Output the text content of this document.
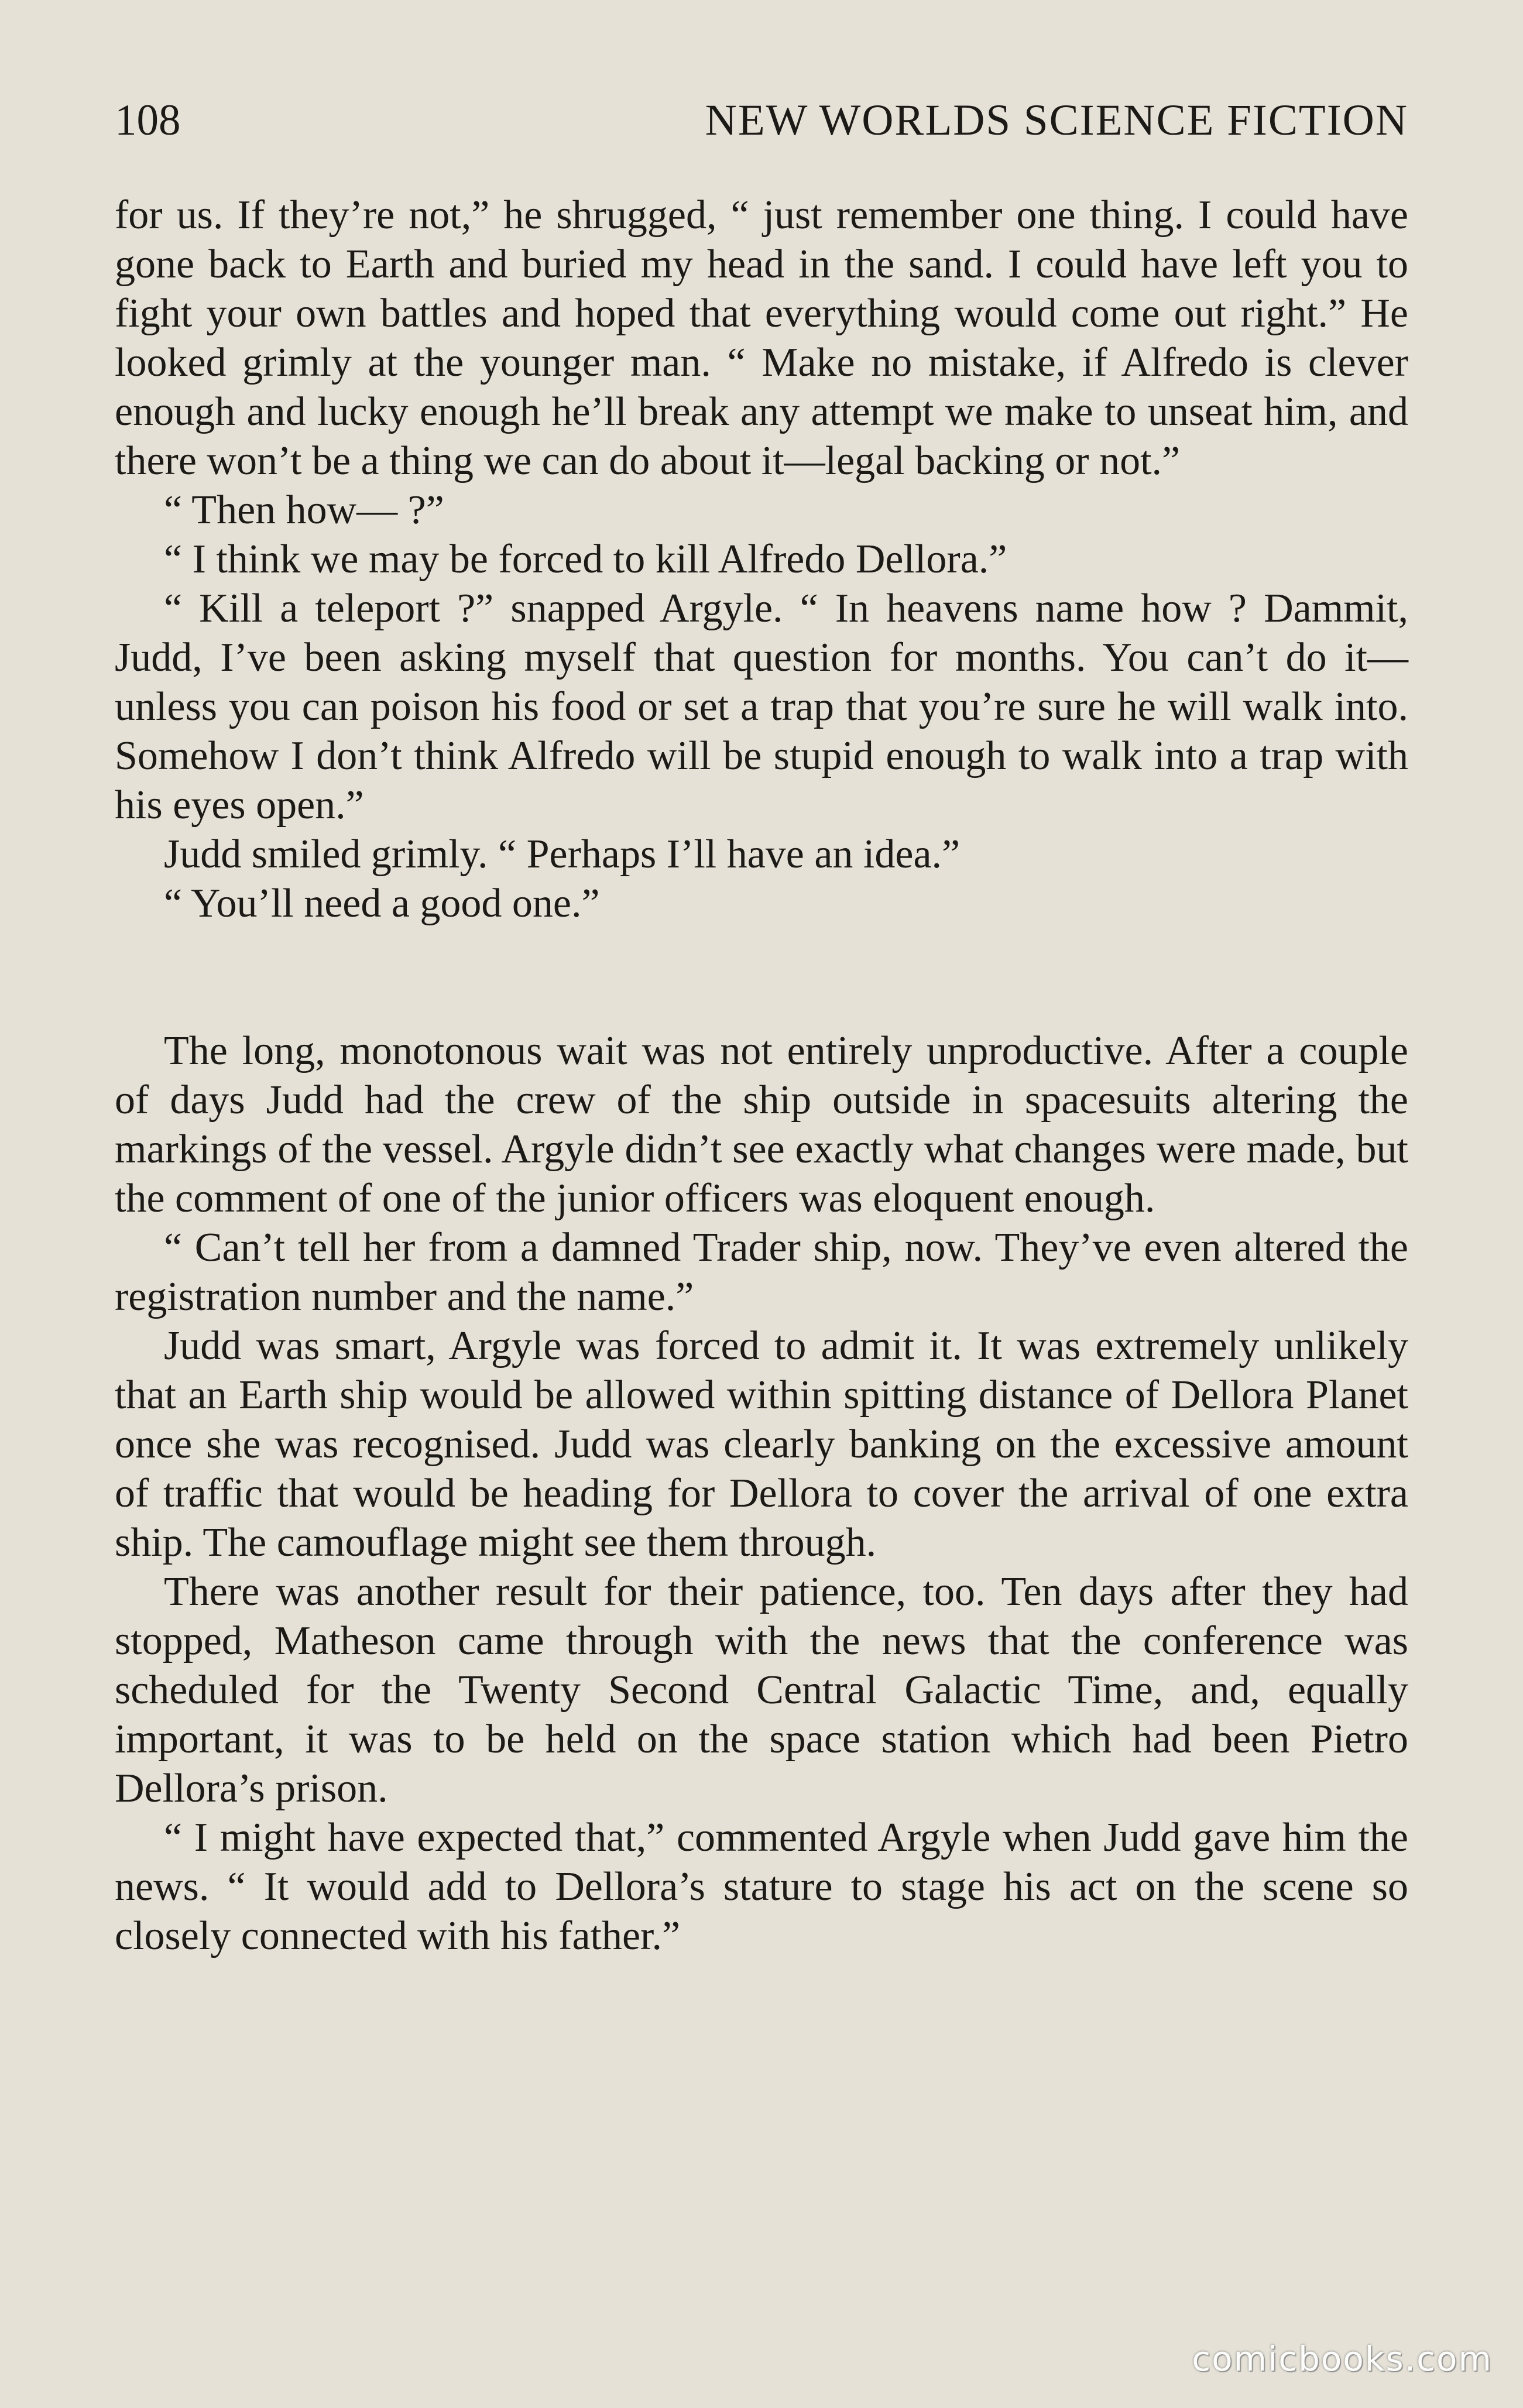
108	NEW WORLDS SCIENCE FICTION

for us. If they’re not,” he shrugged, “ just remember one thing. I could have gone back to Earth and buried my head in the sand. I could have left you to fight your own battles and hoped that everything would come out right.” He looked grimly at the younger man. “ Make no mistake, if Alfredo is clever enough and lucky enough he’ll break any attempt we make to unseat him, and there won’t be a thing we can do about it—legal backing or not.”

“ Then how— ?”

“ I think we may be forced to kill Alfredo Dellora.”

“ Kill a teleport ?” snapped Argyle. “ In heavens name how ? Dammit, Judd, I’ve been asking myself that question for months. You can’t do it—unless you can poison his food or set a trap that you’re sure he will walk into. Somehow I don’t think Alfredo will be stupid enough to walk into a trap with his eyes open.”

Judd smiled grimly. “ Perhaps I’ll have an idea.”

“ You’ll need a good one.”

The long, monotonous wait was not entirely unproductive. After a couple of days Judd had the crew of the ship outside in spacesuits altering the markings of the vessel. Argyle didn’t see exactly what changes were made, but the comment of one of the junior officers was eloquent enough.

“ Can’t tell her from a damned Trader ship, now. They’ve even altered the registration number and the name.”

Judd was smart, Argyle was forced to admit it. It was extremely unlikely that an Earth ship would be allowed within spitting distance of Dellora Planet once she was recognised. Judd was clearly banking on the excessive amount of traffic that would be heading for Dellora to cover the arrival of one extra ship. The camouflage might see them through.

There was another result for their patience, too. Ten days after they had stopped, Matheson came through with the news that the conference was scheduled for the Twenty Second Central Galactic Time, and, equally important, it was to be held on the space station which had been Pietro Dellora’s prison.

“ I might have expected that,” commented Argyle when Judd gave him the news. “ It would add to Dellora’s stature to stage his act on the scene so closely connected with his father.”

comicbooks.com
